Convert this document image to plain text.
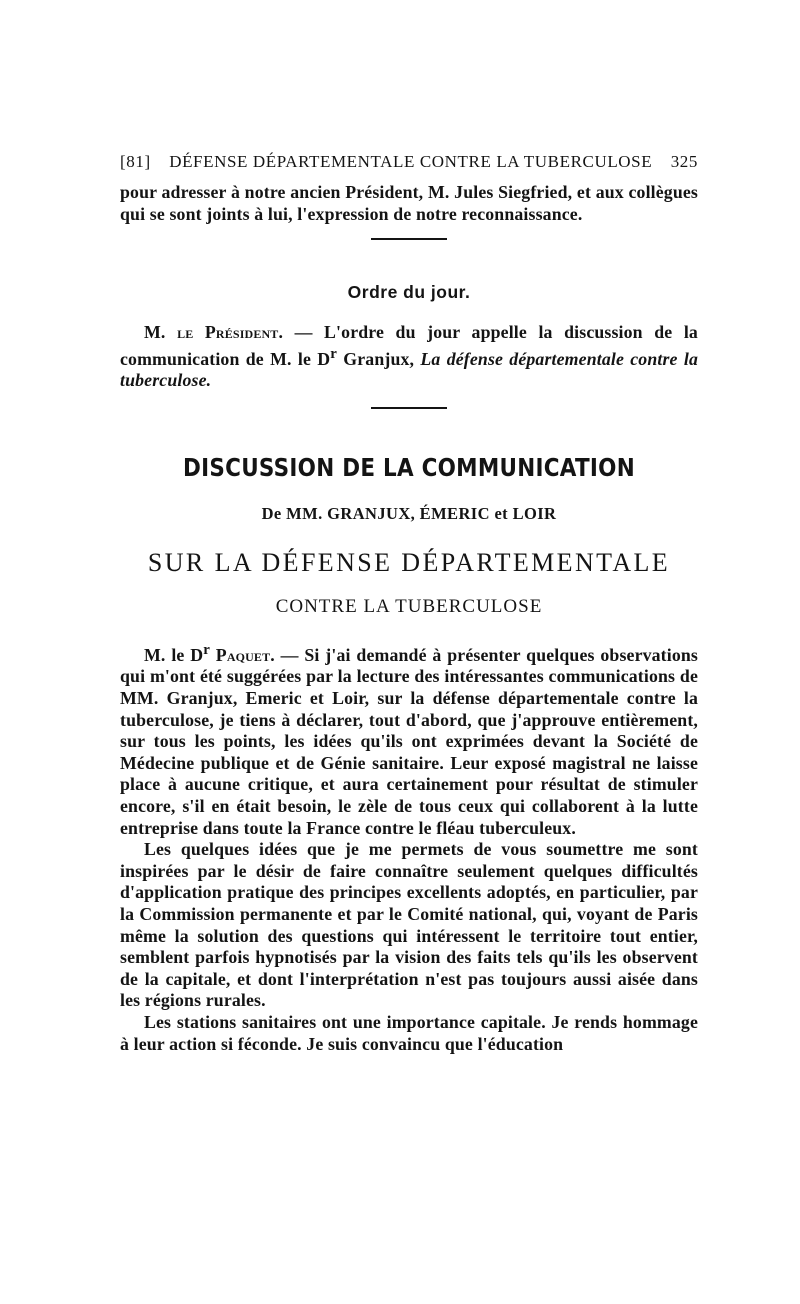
[81]	DÉFENSE DÉPARTEMENTALE CONTRE LA TUBERCULOSE	325

pour adresser à notre ancien Président, M. Jules Siegfried, et aux collègues qui se sont joints à lui, l'expression de notre reconnaissance.

Ordre du jour.

M. le Président. — L'ordre du jour appelle la discussion de la communication de M. le $D^r$ Granjux, La défense départementale contre la tuberculose.

DISCUSSION DE LA COMMUNICATION
De MM. GRANJUX, ÉMERIC et LOIR
SUR LA DÉFENSE DÉPARTEMENTALE
CONTRE LA TUBERCULOSE

M. le $D^r$ Paquet. — Si j'ai demandé à présenter quelques observations qui m'ont été suggérées par la lecture des intéressantes communications de MM. Granjux, Emeric et Loir, sur la défense départementale contre la tuberculose, je tiens à déclarer, tout d'abord, que j'approuve entièrement, sur tous les points, les idées qu'ils ont exprimées devant la Société de Médecine publique et de Génie sanitaire. Leur exposé magistral ne laisse place à aucune critique, et aura certainement pour résultat de stimuler encore, s'il en était besoin, le zèle de tous ceux qui collaborent à la lutte entreprise dans toute la France contre le fléau tuberculeux.

Les quelques idées que je me permets de vous soumettre me sont inspirées par le désir de faire connaître seulement quelques difficultés d'application pratique des principes excellents adoptés, en particulier, par la Commission permanente et par le Comité national, qui, voyant de Paris même la solution des questions qui intéressent le territoire tout entier, semblent parfois hypnotisés par la vision des faits tels qu'ils les observent de la capitale, et dont l'interprétation n'est pas toujours aussi aisée dans les régions rurales.

Les stations sanitaires ont une importance capitale. Je rends hommage à leur action si féconde. Je suis convaincu que l'éducation
